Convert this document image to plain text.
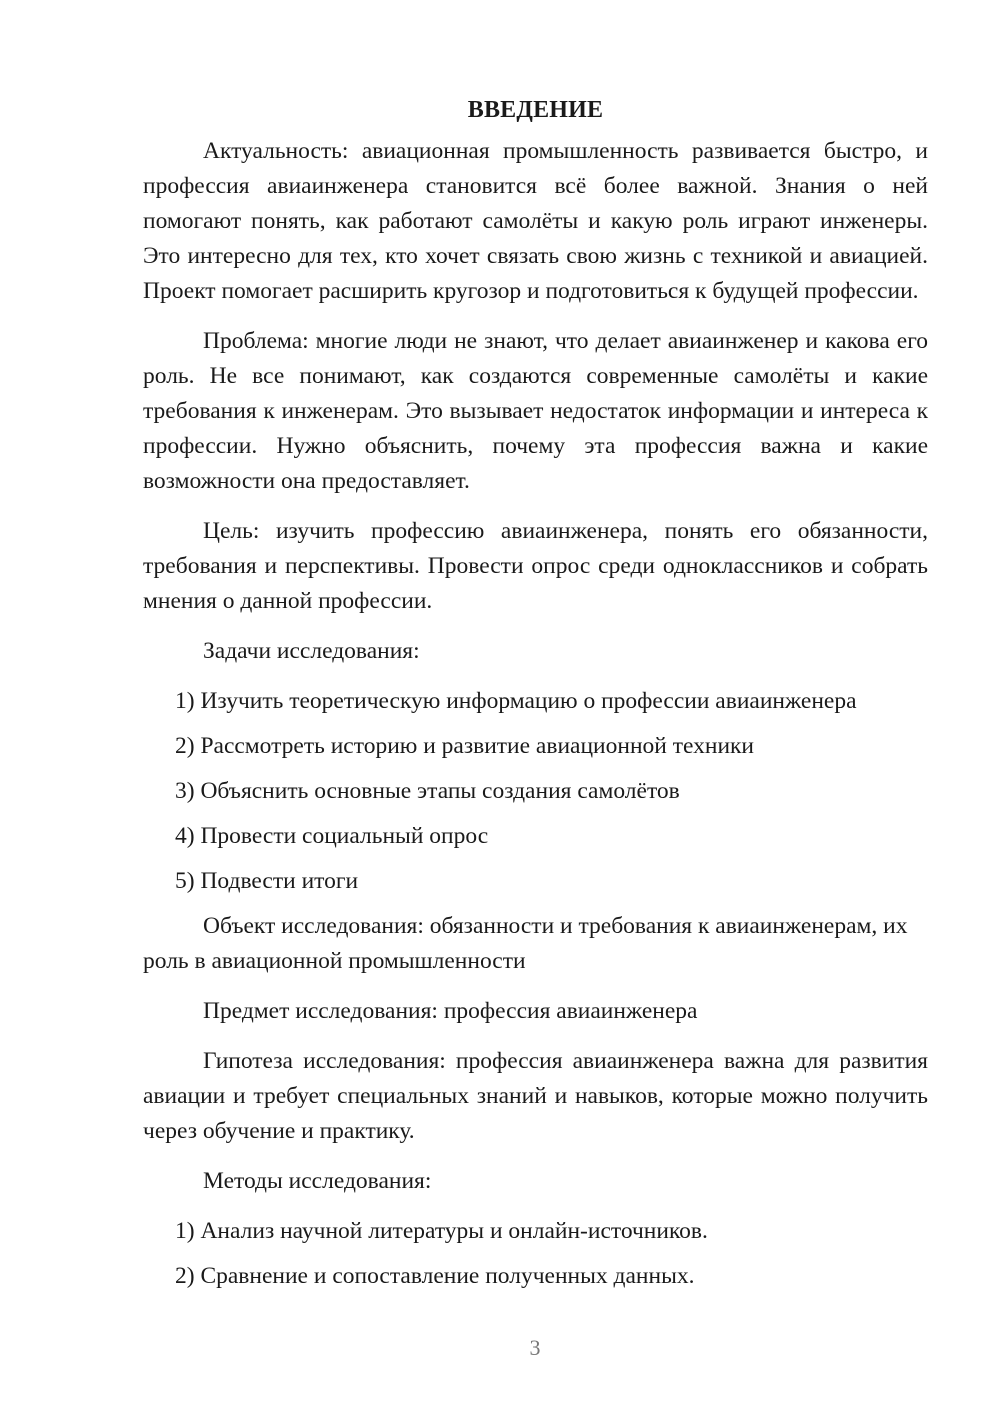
ВВЕДЕНИЕ

Актуальность: авиационная промышленность развивается быстро, и профессия авиаинженера становится всё более важной. Знания о ней помогают понять, как работают самолёты и какую роль играют инженеры. Это интересно для тех, кто хочет связать свою жизнь с техникой и авиацией. Проект помогает расширить кругозор и подготовиться к будущей профессии.

Проблема: многие люди не знают, что делает авиаинженер и какова его роль. Не все понимают, как создаются современные самолёты и какие требования к инженерам. Это вызывает недостаток информации и интереса к профессии. Нужно объяснить, почему эта профессия важна и какие возможности она предоставляет.

Цель: изучить профессию авиаинженера, понять его обязанности, требования и перспективы. Провести опрос среди одноклассников и собрать мнения о данной профессии.

Задачи исследования:

1) Изучить теоретическую информацию о профессии авиаинженера

2) Рассмотреть историю и развитие авиационной техники

3) Объяснить основные этапы создания самолётов

4) Провести социальный опрос

5) Подвести итоги

Объект исследования: обязанности и требования к авиаинженерам, их роль в авиационной промышленности

Предмет исследования: профессия авиаинженера

Гипотеза исследования: профессия авиаинженера важна для развития авиации и требует специальных знаний и навыков, которые можно получить через обучение и практику.

Методы исследования:

1) Анализ научной литературы и онлайн-источников.

2) Сравнение и сопоставление полученных данных.

3
